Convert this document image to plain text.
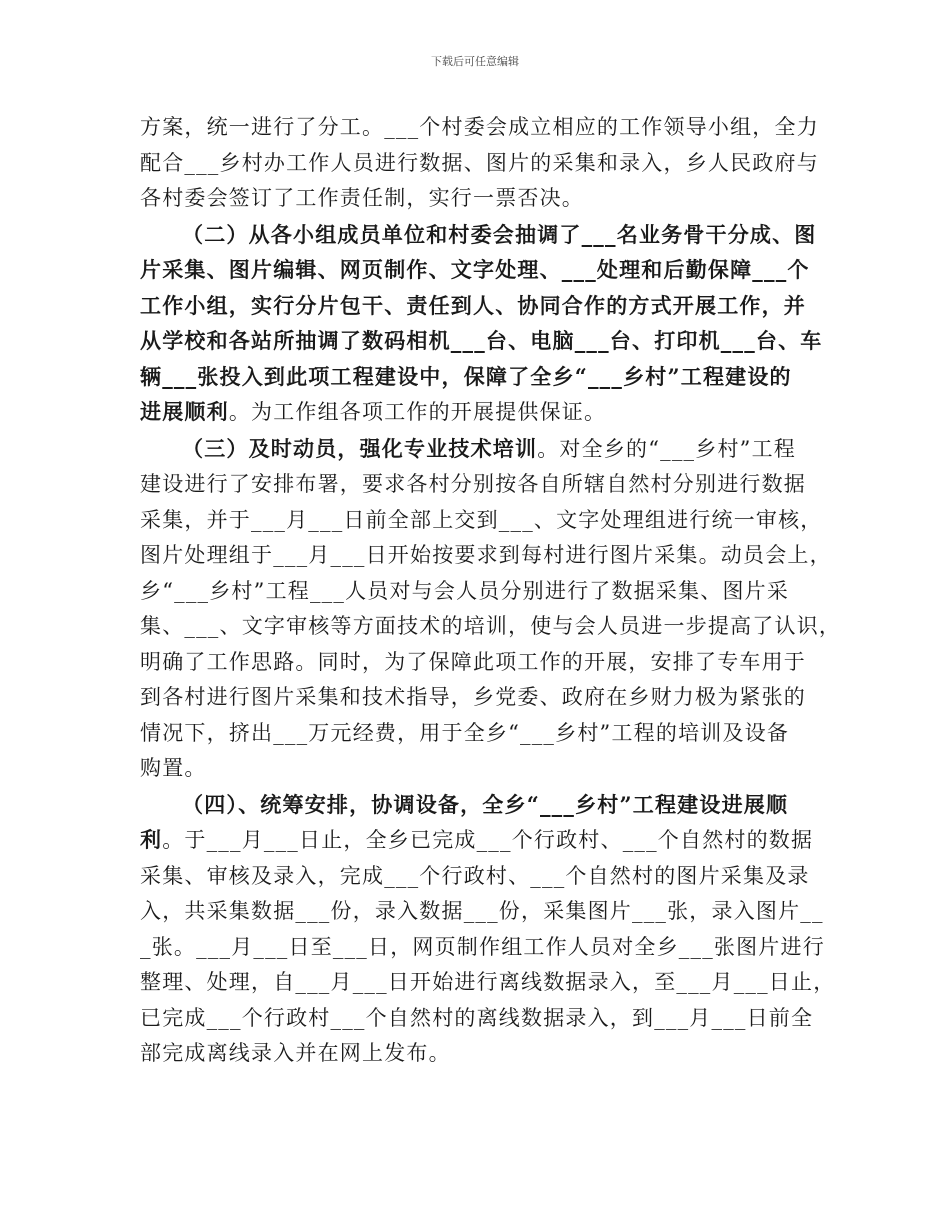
下载后可任意编辑

方案，统一进行了分工。___个村委会成立相应的工作领导小组，全力
配合___乡村办工作人员进行数据、图片的采集和录入，乡人民政府与
各村委会签订了工作责任制，实行一票否决。

（二）从各小组成员单位和村委会抽调了___名业务骨干分成、图
片采集、图片编辑、网页制作、文字处理、___处理和后勤保障___个
工作小组，实行分片包干、责任到人、协同合作的方式开展工作，并
从学校和各站所抽调了数码相机___台、电脑___台、打印机___台、车
辆___张投入到此项工程建设中，保障了全乡“___乡村”工程建设的
进展顺利。为工作组各项工作的开展提供保证。

（三）及时动员，强化专业技术培训。对全乡的“___乡村”工程
建设进行了安排布署，要求各村分别按各自所辖自然村分别进行数据
采集，并于___月___日前全部上交到___、文字处理组进行统一审核，
图片处理组于___月___日开始按要求到每村进行图片采集。动员会上，
乡“___乡村”工程___人员对与会人员分别进行了数据采集、图片采
集、___、文字审核等方面技术的培训，使与会人员进一步提高了认识，
明确了工作思路。同时，为了保障此项工作的开展，安排了专车用于
到各村进行图片采集和技术指导，乡党委、政府在乡财力极为紧张的
情况下，挤出___万元经费，用于全乡“___乡村”工程的培训及设备
购置。

（四）、统筹安排，协调设备，全乡“___乡村”工程建设进展顺
利。于___月___日止，全乡已完成___个行政村、___个自然村的数据
采集、审核及录入，完成___个行政村、___个自然村的图片采集及录
入，共采集数据___份，录入数据___份，采集图片___张，录入图片__
_张。___月___日至___日，网页制作组工作人员对全乡___张图片进行
整理、处理，自___月___日开始进行离线数据录入，至___月___日止，
已完成___个行政村___个自然村的离线数据录入，到___月___日前全
部完成离线录入并在网上发布。
